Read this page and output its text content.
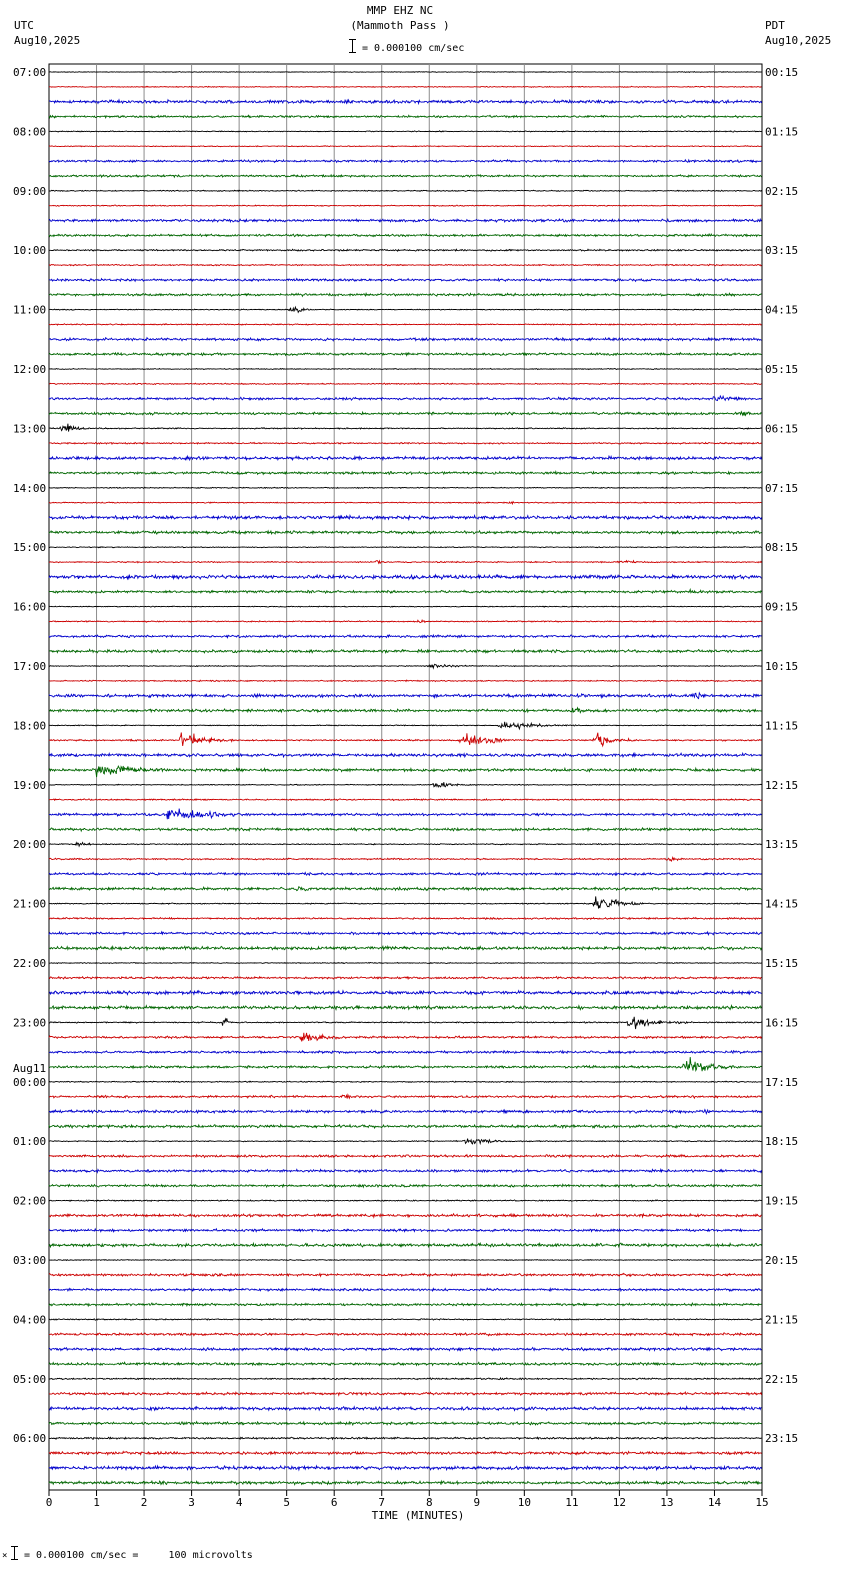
MMP EHZ NC
(Mammoth Pass )
= 0.000100 cm/sec
UTC
Aug10,2025
PDT
Aug10,2025
0	1	2	3	4	5	6	7	8	9	10	11	12	13	14	15
07:00
08:00
09:00
10:00
11:00
12:00
13:00
14:00
15:00
16:00
17:00
18:00
19:00
20:00
21:00
22:00
23:00
00:00
01:00
02:00
03:00
04:00
05:00
06:00
00:15
01:15
02:15
03:15
04:15
05:15
06:15
07:15
08:15
09:15
10:15
11:15
12:15
13:15
14:15
15:15
16:15
17:15
18:15
19:15
20:15
21:15
22:15
23:15
Aug11
TIME (MINUTES)
× = 0.000100 cm/sec =     100 microvolts
